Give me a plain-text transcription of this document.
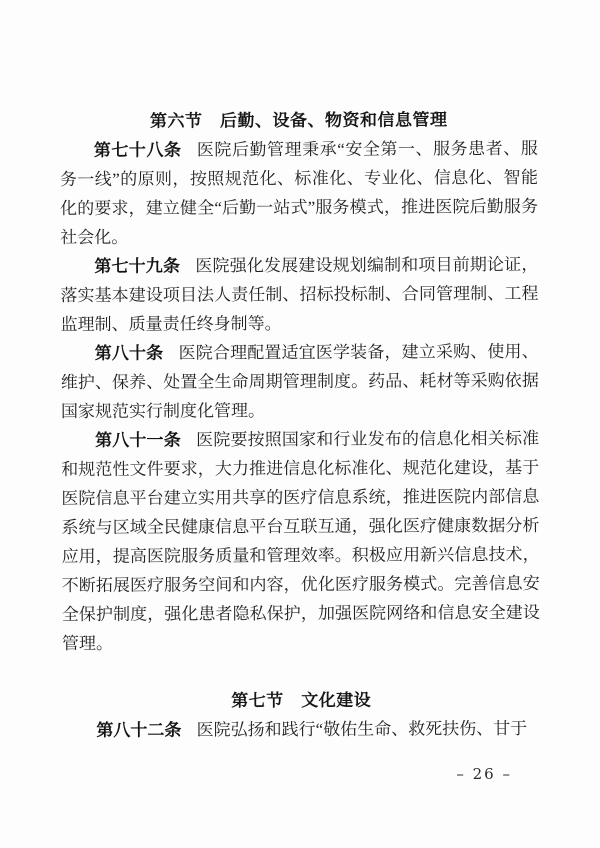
第六节　后勤、设备、物资和信息管理

第七十八条 医院后勤管理秉承“安全第一、服务患者、服务一线”的原则，按照规范化、标准化、专业化、信息化、智能化的要求，建立健全“后勤一站式”服务模式，推进医院后勤服务社会化。

第七十九条 医院强化发展建设规划编制和项目前期论证，落实基本建设项目法人责任制、招标投标制、合同管理制、工程监理制、质量责任终身制等。

第八十条 医院合理配置适宜医学装备，建立采购、使用、维护、保养、处置全生命周期管理制度。药品、耗材等采购依据国家规范实行制度化管理。

第八十一条 医院要按照国家和行业发布的信息化相关标准和规范性文件要求，大力推进信息化标准化、规范化建设，基于医院信息平台建立实用共享的医疗信息系统，推进医院内部信息系统与区域全民健康信息平台互联互通，强化医疗健康数据分析应用，提高医院服务质量和管理效率。积极应用新兴信息技术，不断拓展医疗服务空间和内容，优化医疗服务模式。完善信息安全保护制度，强化患者隐私保护，加强医院网络和信息安全建设管理。

第七节　文化建设

第八十二条 医院弘扬和践行“敬佑生命、救死扶伤、甘于

– 26 –
